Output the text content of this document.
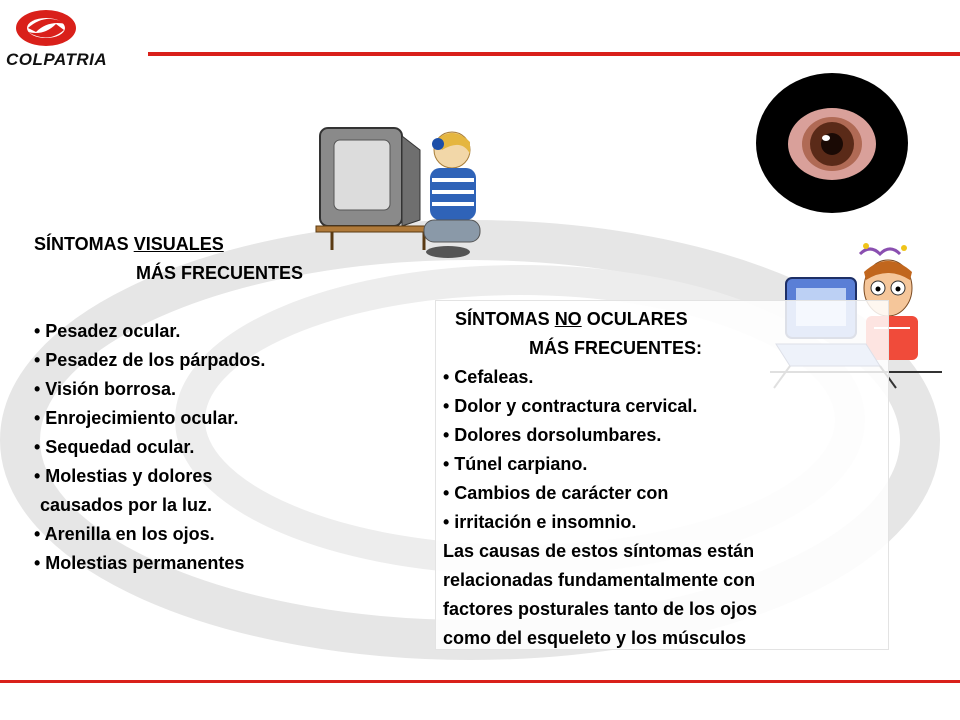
COLPATRIA
SÍNTOMAS VISUALES
MÁS FRECUENTES
• Pesadez ocular.
• Pesadez de los párpados.
• Visión borrosa.
• Enrojecimiento ocular.
• Sequedad ocular.
• Molestias y dolores
causados por la luz.
• Arenilla en los ojos.
• Molestias permanentes
SÍNTOMAS NO OCULARES
MÁS FRECUENTES:
• Cefaleas.
• Dolor y contractura cervical.
• Dolores dorsolumbares.
• Túnel carpiano.
• Cambios de carácter con
• irritación e insomnio.
Las causas de estos síntomas están
relacionadas fundamentalmente con
factores posturales tanto de los ojos
como del esqueleto y los músculos
